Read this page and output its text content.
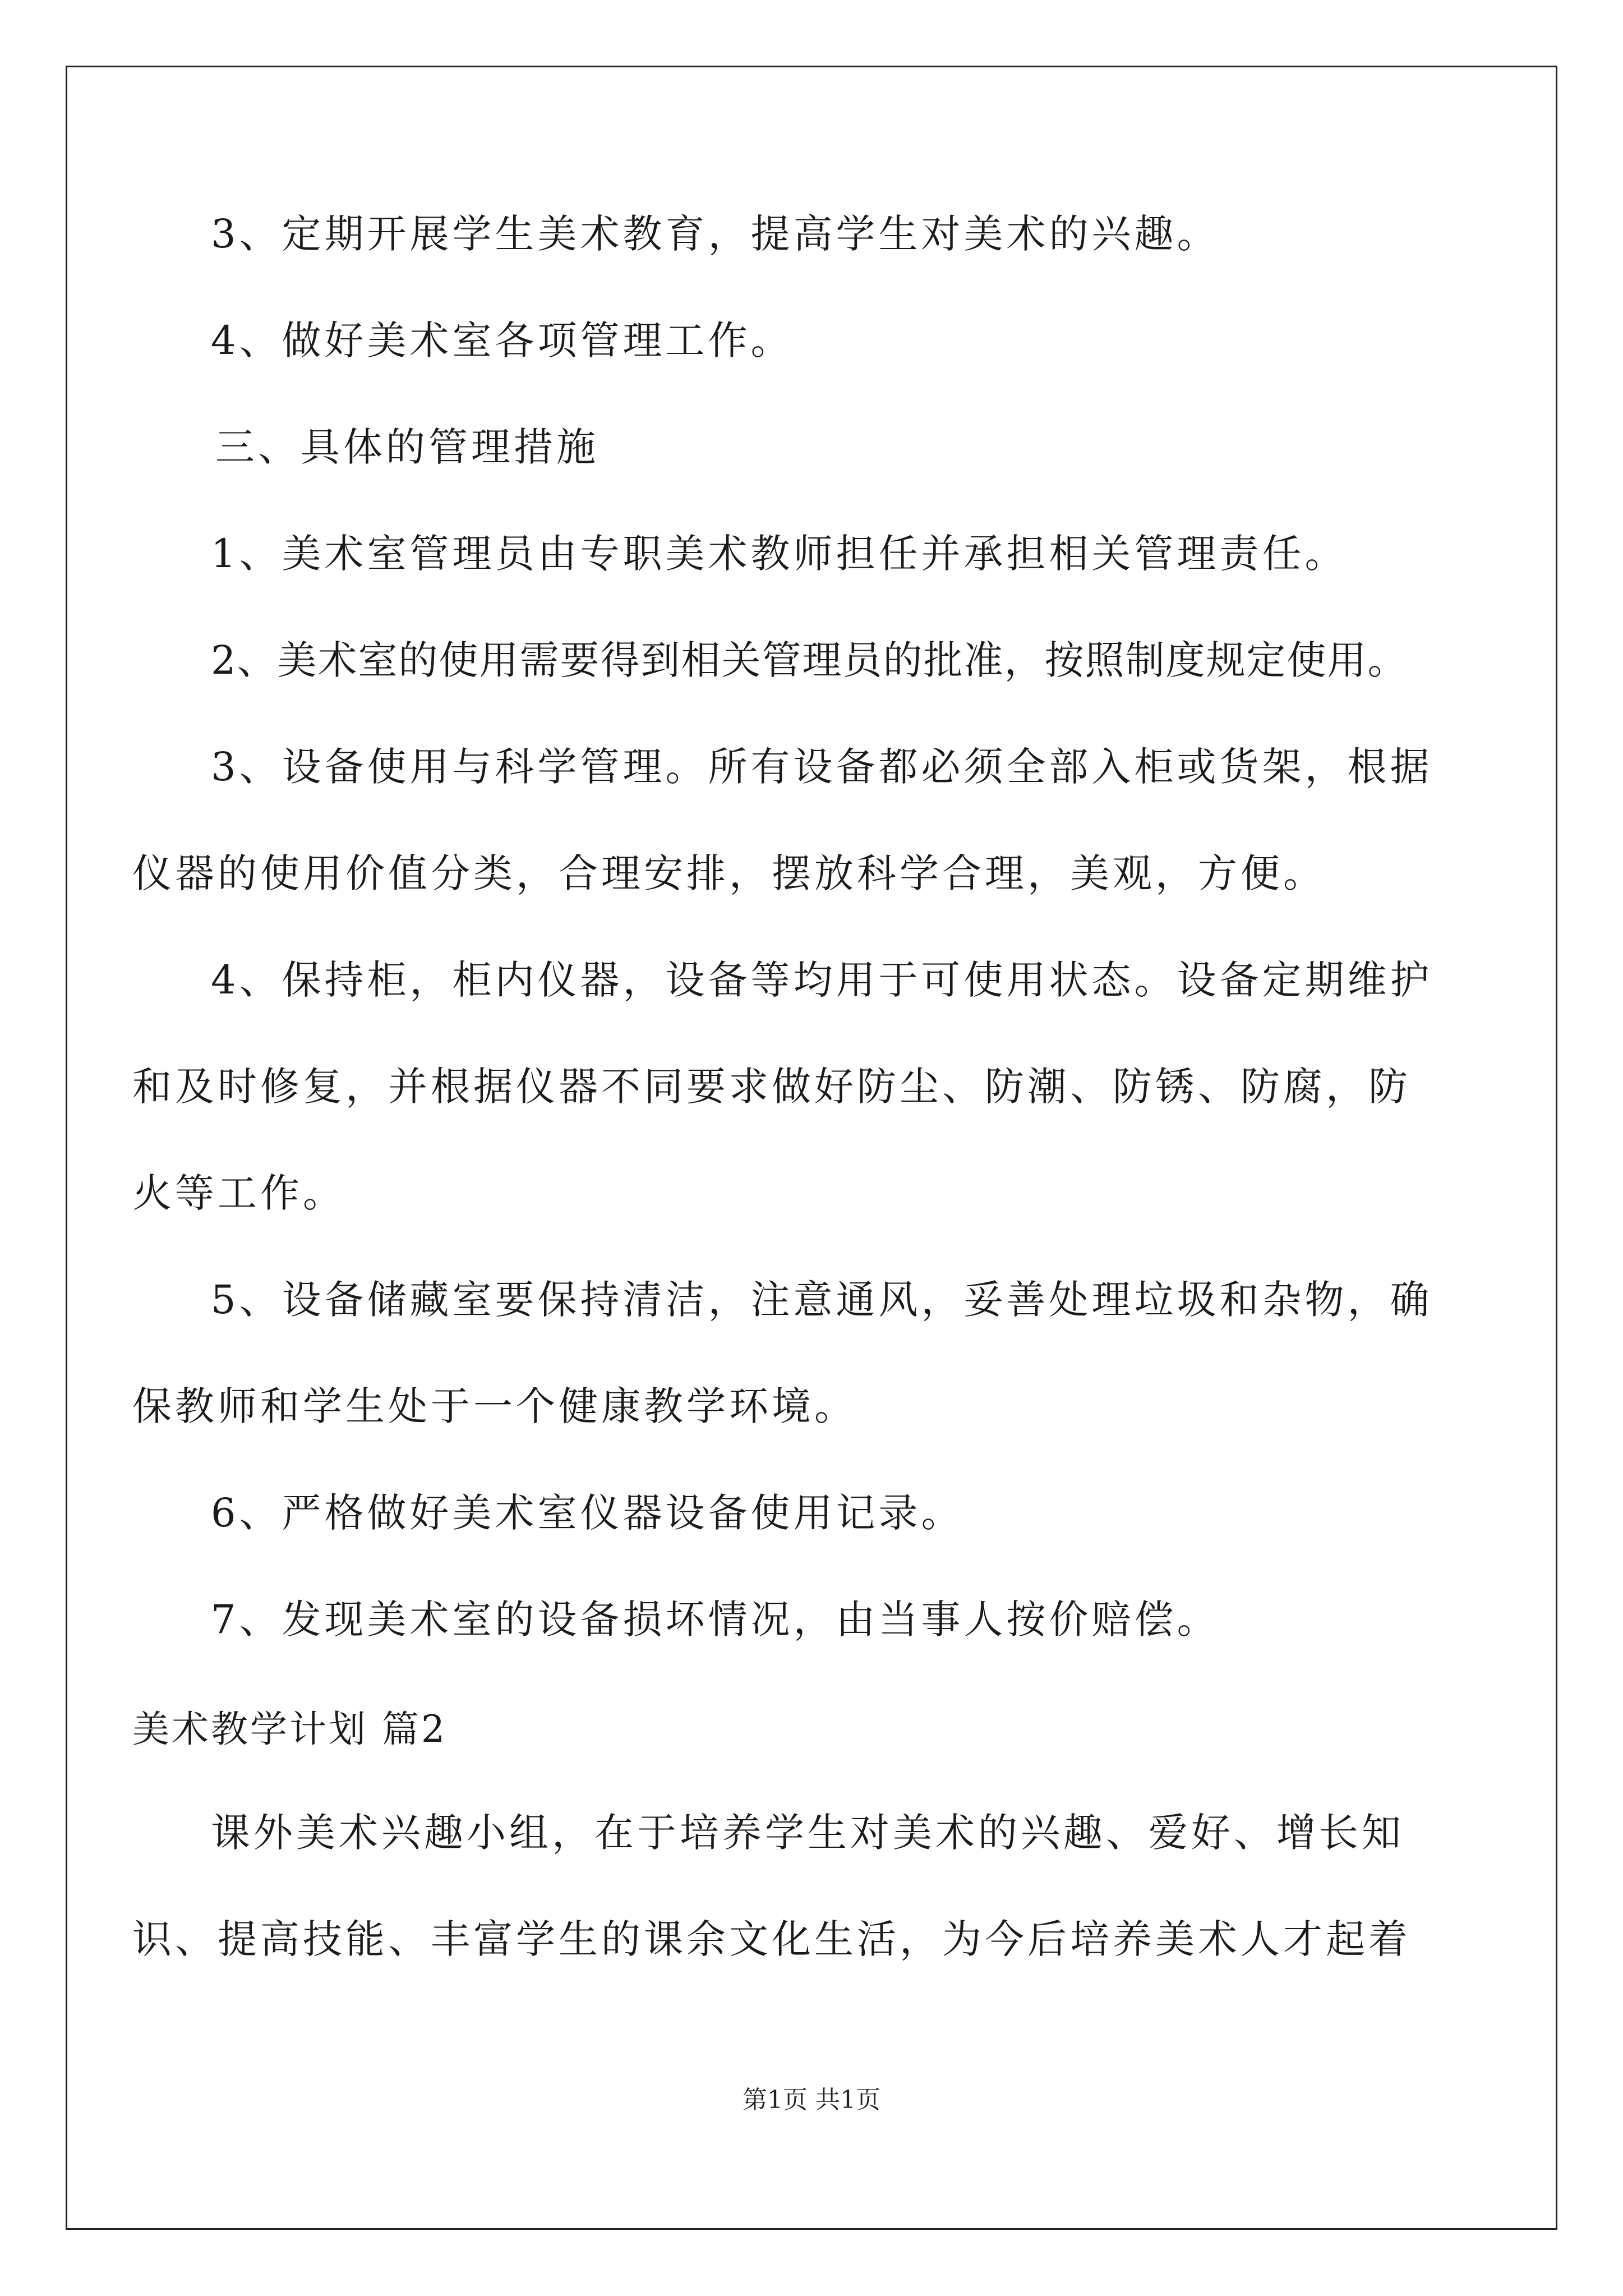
3、定期开展学生美术教育，提高学生对美术的兴趣。
4、做好美术室各项管理工作。
三、具体的管理措施
1、美术室管理员由专职美术教师担任并承担相关管理责任。
2、美术室的使用需要得到相关管理员的批准，按照制度规定使用。
3、设备使用与科学管理。所有设备都必须全部入柜或货架，根据
仪器的使用价值分类，合理安排，摆放科学合理，美观，方便。
4、保持柜，柜内仪器，设备等均用于可使用状态。设备定期维护
和及时修复，并根据仪器不同要求做好防尘、防潮、防锈、防腐，防
火等工作。
5、设备储藏室要保持清洁，注意通风，妥善处理垃圾和杂物，确
保教师和学生处于一个健康教学环境。
6、严格做好美术室仪器设备使用记录。
7、发现美术室的设备损坏情况，由当事人按价赔偿。
课外美术兴趣小组，在于培养学生对美术的兴趣、爱好、增长知
识、提高技能、丰富学生的课余文化生活，为今后培养美术人才起着
美术教学计划 篇2
第1页 共1页
